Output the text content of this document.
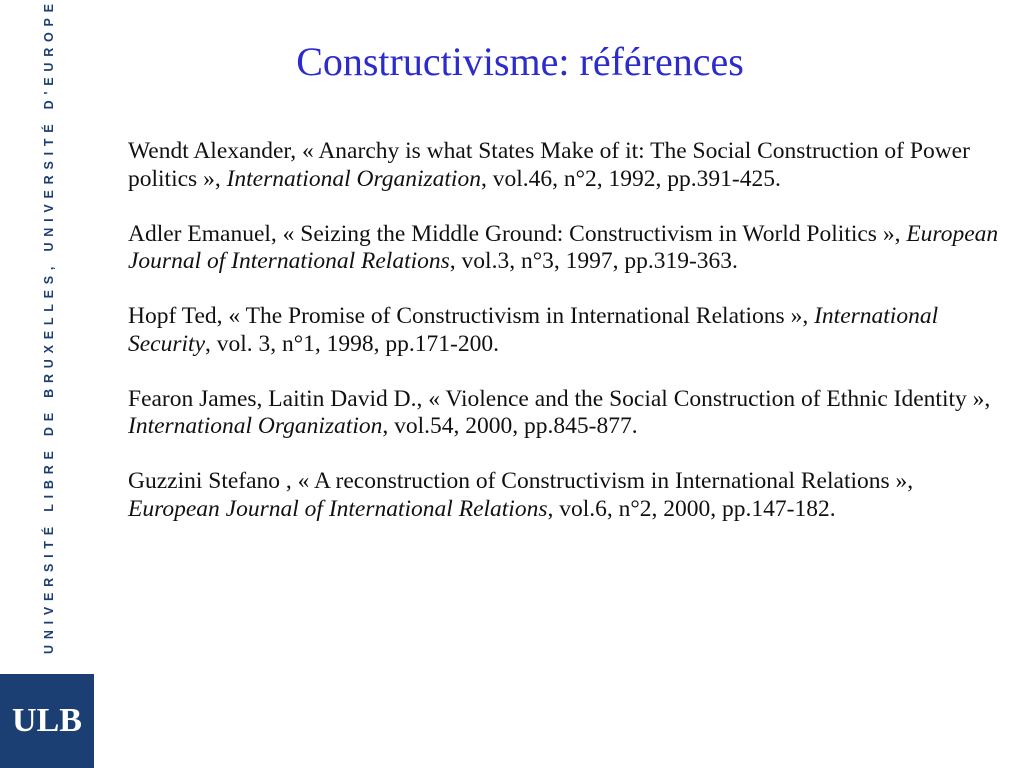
UNIVERSITÉ LIBRE DE BRUXELLES, UNIVERSITÉ D'EUROPE
ULB
Constructivisme: références

Wendt Alexander, « Anarchy is what States Make of it: The Social Construction of Power politics », International Organization, vol.46, n°2, 1992, pp.391-425.

Adler Emanuel, « Seizing the Middle Ground: Constructivism in World Politics », European Journal of International Relations, vol.3, n°3, 1997, pp.319-363.

Hopf Ted, « The Promise of Constructivism in International Relations », International Security, vol. 3, n°1, 1998, pp.171-200.

Fearon James, Laitin David D., « Violence and the Social Construction of Ethnic Identity », International Organization, vol.54, 2000, pp.845-877.

Guzzini Stefano , « A reconstruction of Constructivism in International Relations », European Journal of International Relations, vol.6, n°2, 2000, pp.147-182.
